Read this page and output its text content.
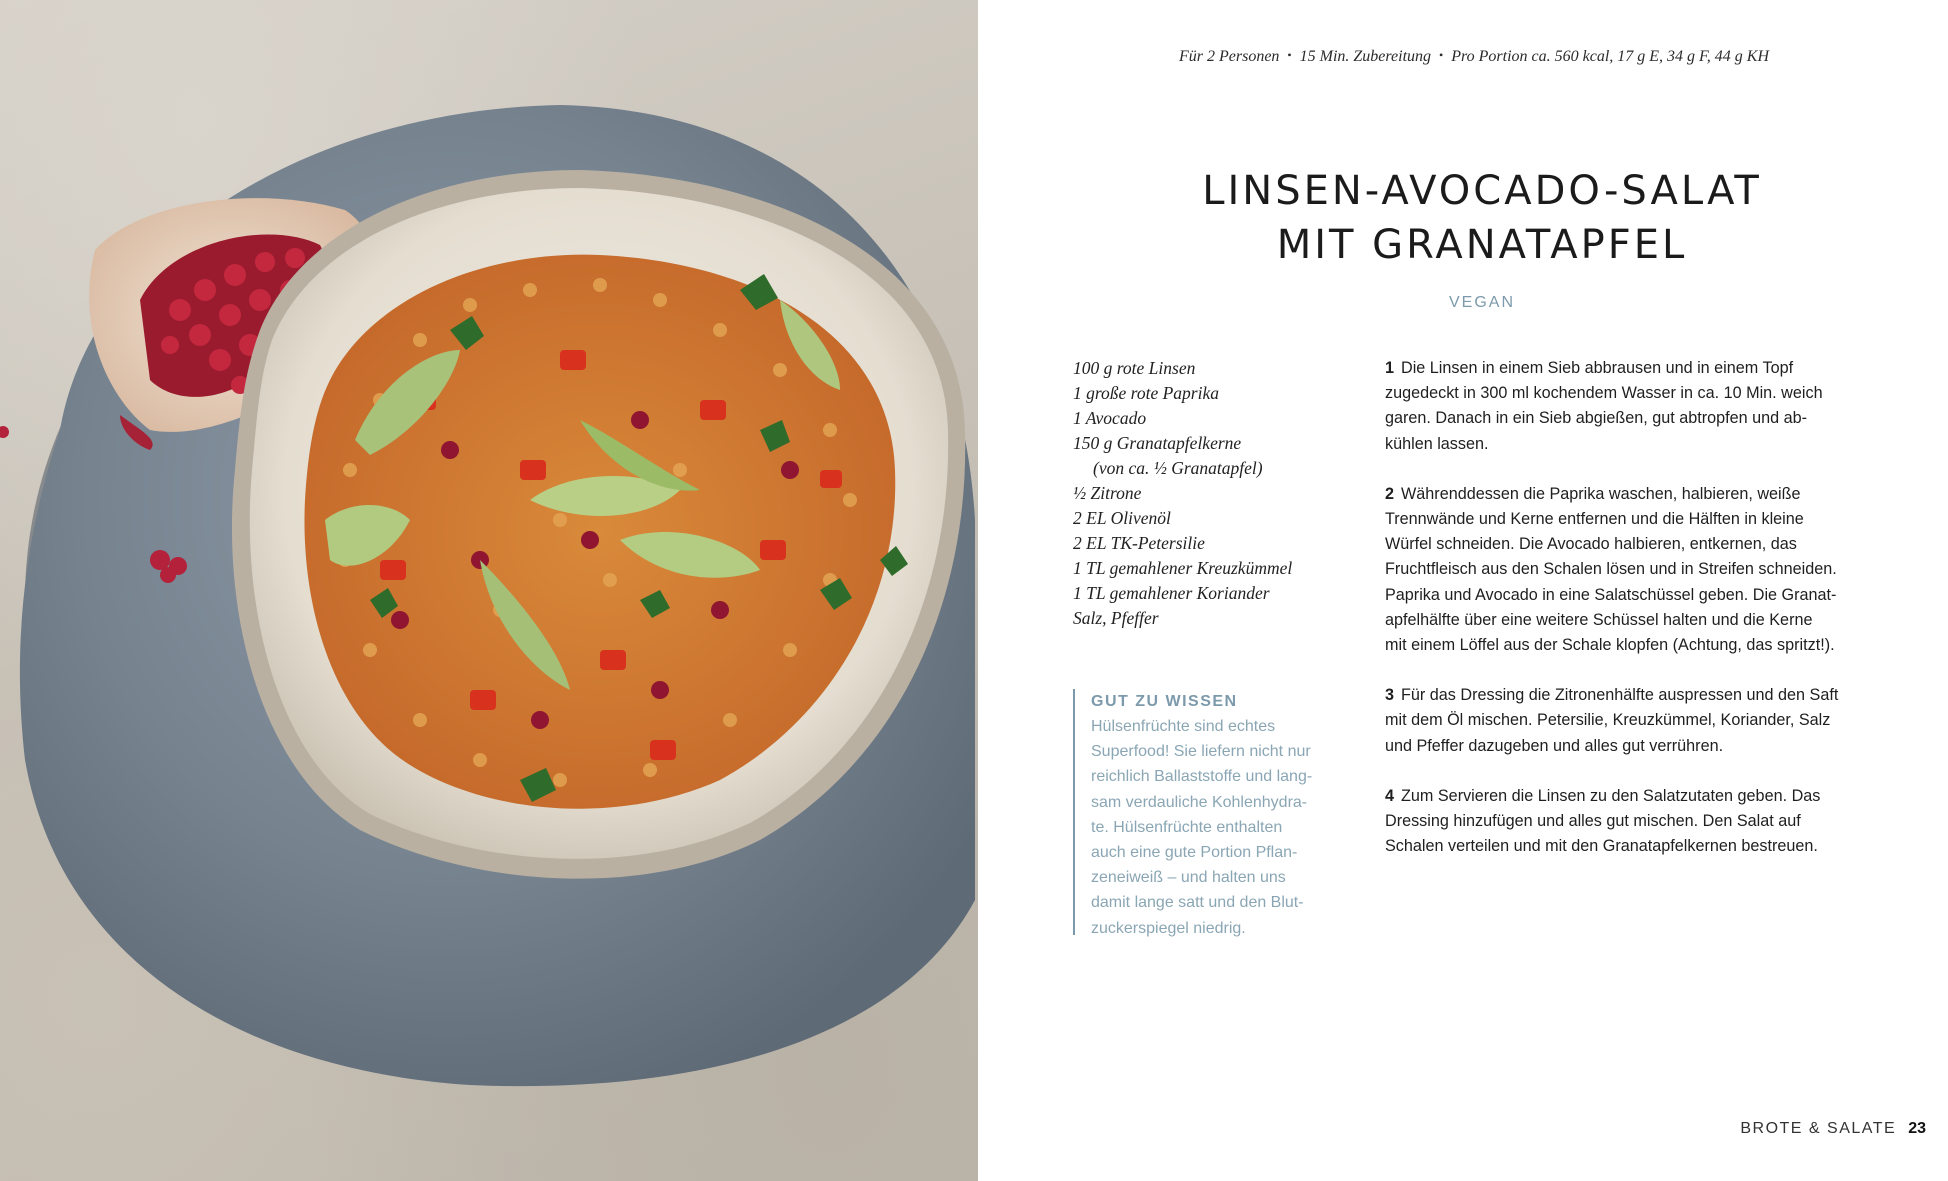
Für 2 Personen • 15 Min. Zubereitung • Pro Portion ca. 560 kcal, 17 g E, 34 g F, 44 g KH
LINSEN-AVOCADO-SALAT
MIT GRANATAPFEL
VEGAN
100 g rote Linsen
1 große rote Paprika
1 Avocado
150 g Granatapfelkerne
(von ca. ½ Granatapfel)
½ Zitrone
2 EL Olivenöl
2 EL TK-Petersilie
1 TL gemahlener Kreuzkümmel
1 TL gemahlener Koriander
Salz, Pfeffer
GUT ZU WISSEN
Hülsenfrüchte sind echtes
Superfood! Sie liefern nicht nur
reichlich Ballaststoffe und lang-
sam verdauliche Kohlenhydra-
te. Hülsenfrüchte enthalten
auch eine gute Portion Pflan-
zeneiweiß – und halten uns
damit lange satt und den Blut-
zuckerspiegel niedrig.
1 Die Linsen in einem Sieb abbrausen und in einem Topf
zugedeckt in 300 ml kochendem Wasser in ca. 10 Min. weich
garen. Danach in ein Sieb abgießen, gut abtropfen und ab-
kühlen lassen.
2 Währenddessen die Paprika waschen, halbieren, weiße
Trennwände und Kerne entfernen und die Hälften in kleine
Würfel schneiden. Die Avocado halbieren, entkernen, das
Fruchtfleisch aus den Schalen lösen und in Streifen schneiden.
Paprika und Avocado in eine Salatschüssel geben. Die Granat-
apfelhälfte über eine weitere Schüssel halten und die Kerne
mit einem Löffel aus der Schale klopfen (Achtung, das spritzt!).
3 Für das Dressing die Zitronenhälfte auspressen und den Saft
mit dem Öl mischen. Petersilie, Kreuzkümmel, Koriander, Salz
und Pfeffer dazugeben und alles gut verrühren.
4 Zum Servieren die Linsen zu den Salatzutaten geben. Das
Dressing hinzufügen und alles gut mischen. Den Salat auf
Schalen verteilen und mit den Granatapfelkernen bestreuen.
BROTE & SALATE 23
